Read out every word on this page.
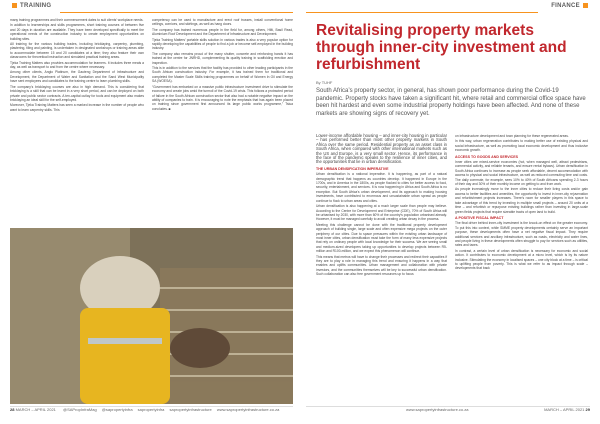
TRAINING	FINANCE

many training programmes and their commencement dates to suit clients’ workplace needs.

In addition to learnerships and skills programmes, short training courses of between five and 20 days in duration are available. They have been developed specifically to meet the operational needs of the construction industry to create employment opportunities on building sites.

All training for the various building trades, including bricklaying, carpentry, plumbing, plastering, tiling and painting, is undertaken in designated workshops or training areas able to accommodate between 15 and 20 candidates at a time; they also feature their own classrooms for theoretical instruction and simulated practical training areas.

Tjeka Training Matters also provides accommodation for learners. It includes three meals a day, as well as transport to and from the centre where necessary.

Among other clients, Anglo Platinum, the Gauteng Department of Infrastructure and Development, the Department of Water and Sanitation and the Sand West Municipality have sent employees and candidates to the training centre to learn plumbing skills.

The company’s bricklaying courses are also in high demand. This is considering that bricklaying is a skill that can be learnt in a very short period, and can be deployed on both private and public sector contracts. A ten-capital outlay for tools and equipment also makes bricklaying an ideal skill for the self-employed.

Moreover, Tjeka Training Matters has seen a marked increase in the number of people who want to learn carpentry skills. This

competency can be used to manufacture and erect roof trusses, install conventional home ceilings, cornices, and skirtings, as well as hang doors.

The company has trained numerous people in the field for, among others, Hilti, Basil Read, Aluminium Roof Development and the Department of Infrastructure and Development.

Tjeka Training Matters’ portable skills solution in various trades is also a very popular option for rapidly developing the capabilities of people to find a job or become self-employed in the building industry.

The company also remains proud of the many shutter, concrete and reinforcing hands it has trained at the centre for JNRHD, complementing its quality training in scaffolding erection and inspection.

This is in addition to the services that the facility has provided to other leading participants in the South African construction industry. For example, it has trained them for traditional and completed the Master Scale Skills training programmes on behalf of Women In Oil and Energy SA (WOESA).

“Government has embarked on a massive public infrastructure investment drive to stimulate the economy and create jobs amid the turmoil of the Covid-19 crisis. This follows a protracted period of failure in the South African construction sector that also had a notable negative impact on the ability of companies to train. It is encouraging to note the emphasis that has again been placed on training since government first announced its large public works programme,” Tsiua concludes. ■

28 MARCH – APRIL 2021 @SAPropInfraMag @sapropertyinfra sapropertyinfra sapropertyinfrastructure www.sapropertyinfrastructure.co.za
Revitalising property markets through inner-city investment and refurbishment
By TUHF
South Africa’s property sector, in general, has shown poor performance during the Covid-19 pandemic. Property stocks have taken a significant hit, where retail and commercial office space have been hit hardest and even some industrial property holdings have been affected. And none of these markets are showing signs of recovery yet.

Lower-income affordable housing – and inner-city housing in particular – has performed better than most other property markets in South Africa over the same period. Residential property as an asset class in South Africa, when compared with other international markets such as the US and Europe, is a very small sector. Hence, its performance in the face of the pandemic speaks to the resilience of inner cities, and the opportunities that lie in urban densification.

THE URBAN DENSIFICATION IMPERATIVE

Urban densification is a national imperative. It is happening, as part of a natural demographic trend that happens as countries develop. It happened in Europe in the 1700s, and in America in the 1800s, as people flocked to cities for better access to food, security, entertainment, and services. It is now happening in Africa and South Africa is no exception. But South Africa’s urban development, and its approach to making housing investments, have contributed to enormous and unsustainable urban sprawl as people continue to flock to urban areas and cities.

Urban densification is also happening at a much larger scale than people may believe. According to the Centre for Development and Enterprise (CDE), 70% of South Africa will be urbanised by 2030, with more than 60% of the country’s population urbanised already. However, it must be managed carefully to avoid creating urban decay in the process.

Meeting this challenge cannot be done with the traditional property development approach of building single, large scale and often expensive mega projects on the outer periphery of our cities. Due to space pressures within the existing urban landscape of most inner cities, urban densification must take the form of many less expensive projects that rely on ordinary people with local knowledge for their success. We are seeing small and medium-sized developers taking up opportunities to develop projects between R5-million and R100-million, and we expect this phenomenon will continue.

This means that metros will have to change their processes and redirect their capacities if they are to play a role in managing this trend and ensuring it happens in a way that enables and uplifts communities. Urban management and collaboration with private investors, and the communities themselves will be key to successful urban densification. Such collaboration can also free government resources up to focus

on infrastructure development and town planning for these regenerated areas.

In this way, urban regeneration contributes to making better use of existing physical and social infrastructure, as well as promoting local economic development and thus inclusive economic growth.

ACCESS TO GOODS AND SERVICES

Inner cities are mixed-service economies (hot, when managed well, attract pedestrians, commercial activity, and reliable tenants, and ensure rental bylaws). Urban densification in South Africa continues to increase as people seek affordable, decent accommodation with access to physical and social infrastructure, as well as reduced commuting time and costs. The daily commute, for example, sees 10% to 40% of South Africans spending 2-3 hours of their day and 30% of their monthly income on getting to and from work.

As people increasingly move to the inner cities to reduce their living costs and/or gain access to better facilities and amenities, the opportunity to invest in inner-city rejuvenation and refurbishment projects increases. There’s room for smaller players in this space to take advantage of this trend by investing in multiple small projects – around 20 units at a time – and refurbish or repurpose existing buildings rather than investing in large-scale green fields projects that require sizeable tracts of open land to build.

A POSITIVE FISCAL IMPACT

The final driver behind inner-city investment is the knock-on effect on the greater economy. To put this into context, while SMME property developments certainly serve an important purpose, these developments often have a net negative fiscal impact. They require additional services and ancillary infrastructure, such as roads, electricity and water lines, and people living in these developments often struggle to pay for services such as utilities, rates and taxes.

In contrast, a certain level of urban densification is necessary for economic and social action. It contributes to economic development at a micro level, which is by its nature inclusive. Stimulating the economy in localised spaces – one city block at a time – is critical to uplifting people from poverty. This is what we refer to as impact through scale – developments that back

www.sapropertyinfrastructure.co.za	MARCH – APRIL 2021 29
